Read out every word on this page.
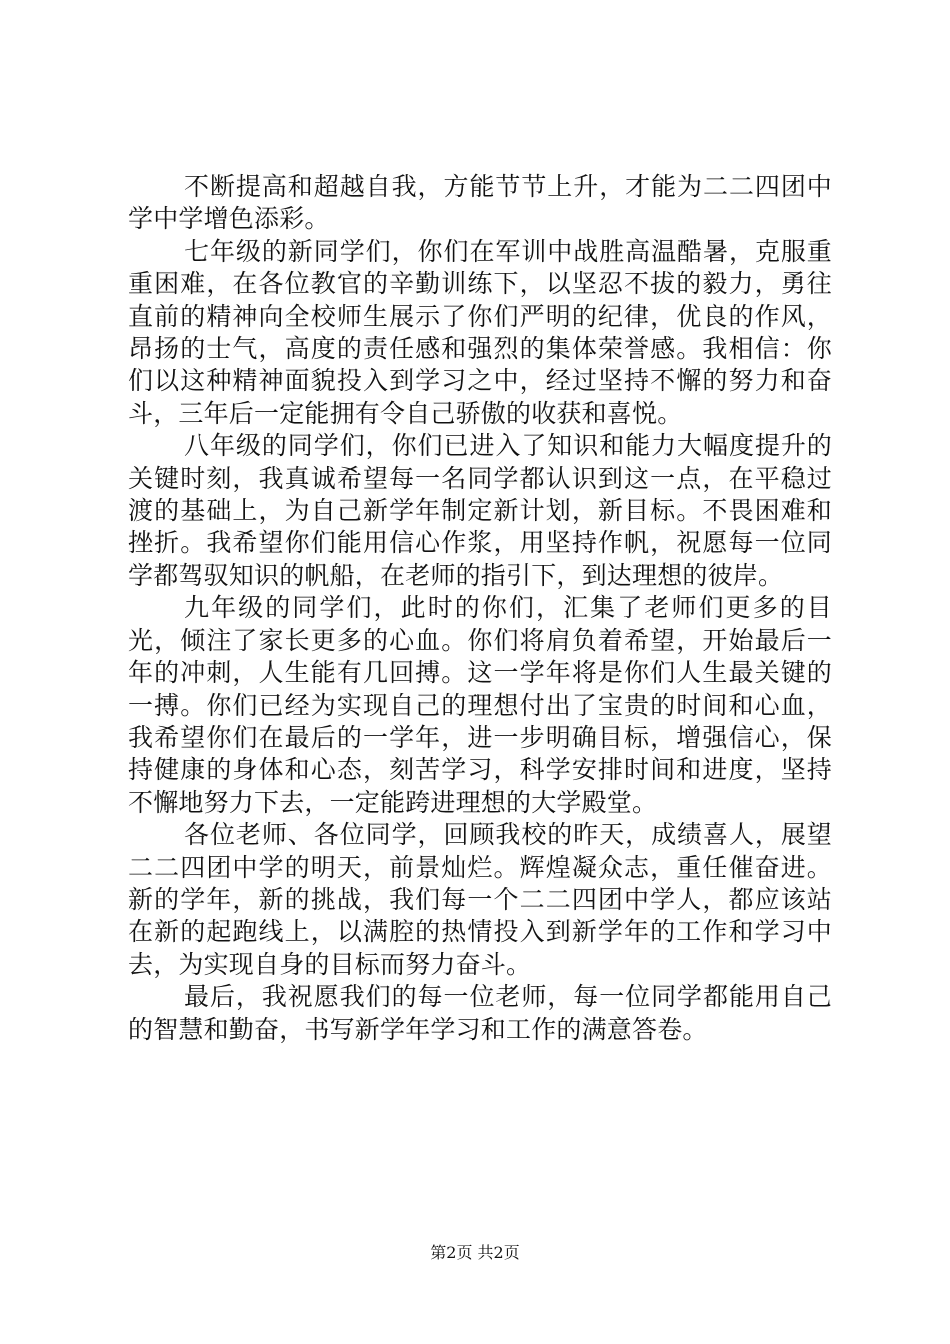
不断提高和超越自我，方能节节上升，才能为二二四团中学中学增色添彩。

七年级的新同学们，你们在军训中战胜高温酷暑，克服重重困难，在各位教官的辛勤训练下，以坚忍不拔的毅力，勇往直前的精神向全校师生展示了你们严明的纪律，优良的作风，昂扬的士气，高度的责任感和强烈的集体荣誉感。我相信：你们以这种精神面貌投入到学习之中，经过坚持不懈的努力和奋斗，三年后一定能拥有令自己骄傲的收获和喜悦。

八年级的同学们，你们已进入了知识和能力大幅度提升的关键时刻，我真诚希望每一名同学都认识到这一点，在平稳过渡的基础上，为自己新学年制定新计划，新目标。不畏困难和挫折。我希望你们能用信心作浆，用坚持作帆，祝愿每一位同学都驾驭知识的帆船，在老师的指引下，到达理想的彼岸。

九年级的同学们，此时的你们，汇集了老师们更多的目光，倾注了家长更多的心血。你们将肩负着希望，开始最后一年的冲刺，人生能有几回搏。这一学年将是你们人生最关键的一搏。你们已经为实现自己的理想付出了宝贵的时间和心血，我希望你们在最后的一学年，进一步明确目标，增强信心，保持健康的身体和心态，刻苦学习，科学安排时间和进度，坚持不懈地努力下去，一定能跨进理想的大学殿堂。

各位老师、各位同学，回顾我校的昨天，成绩喜人，展望二二四团中学的明天，前景灿烂。辉煌凝众志，重任催奋进。新的学年，新的挑战，我们每一个二二四团中学人，都应该站在新的起跑线上，以满腔的热情投入到新学年的工作和学习中去，为实现自身的目标而努力奋斗。

最后，我祝愿我们的每一位老师，每一位同学都能用自己的智慧和勤奋，书写新学年学习和工作的满意答卷。

第2页 共2页
